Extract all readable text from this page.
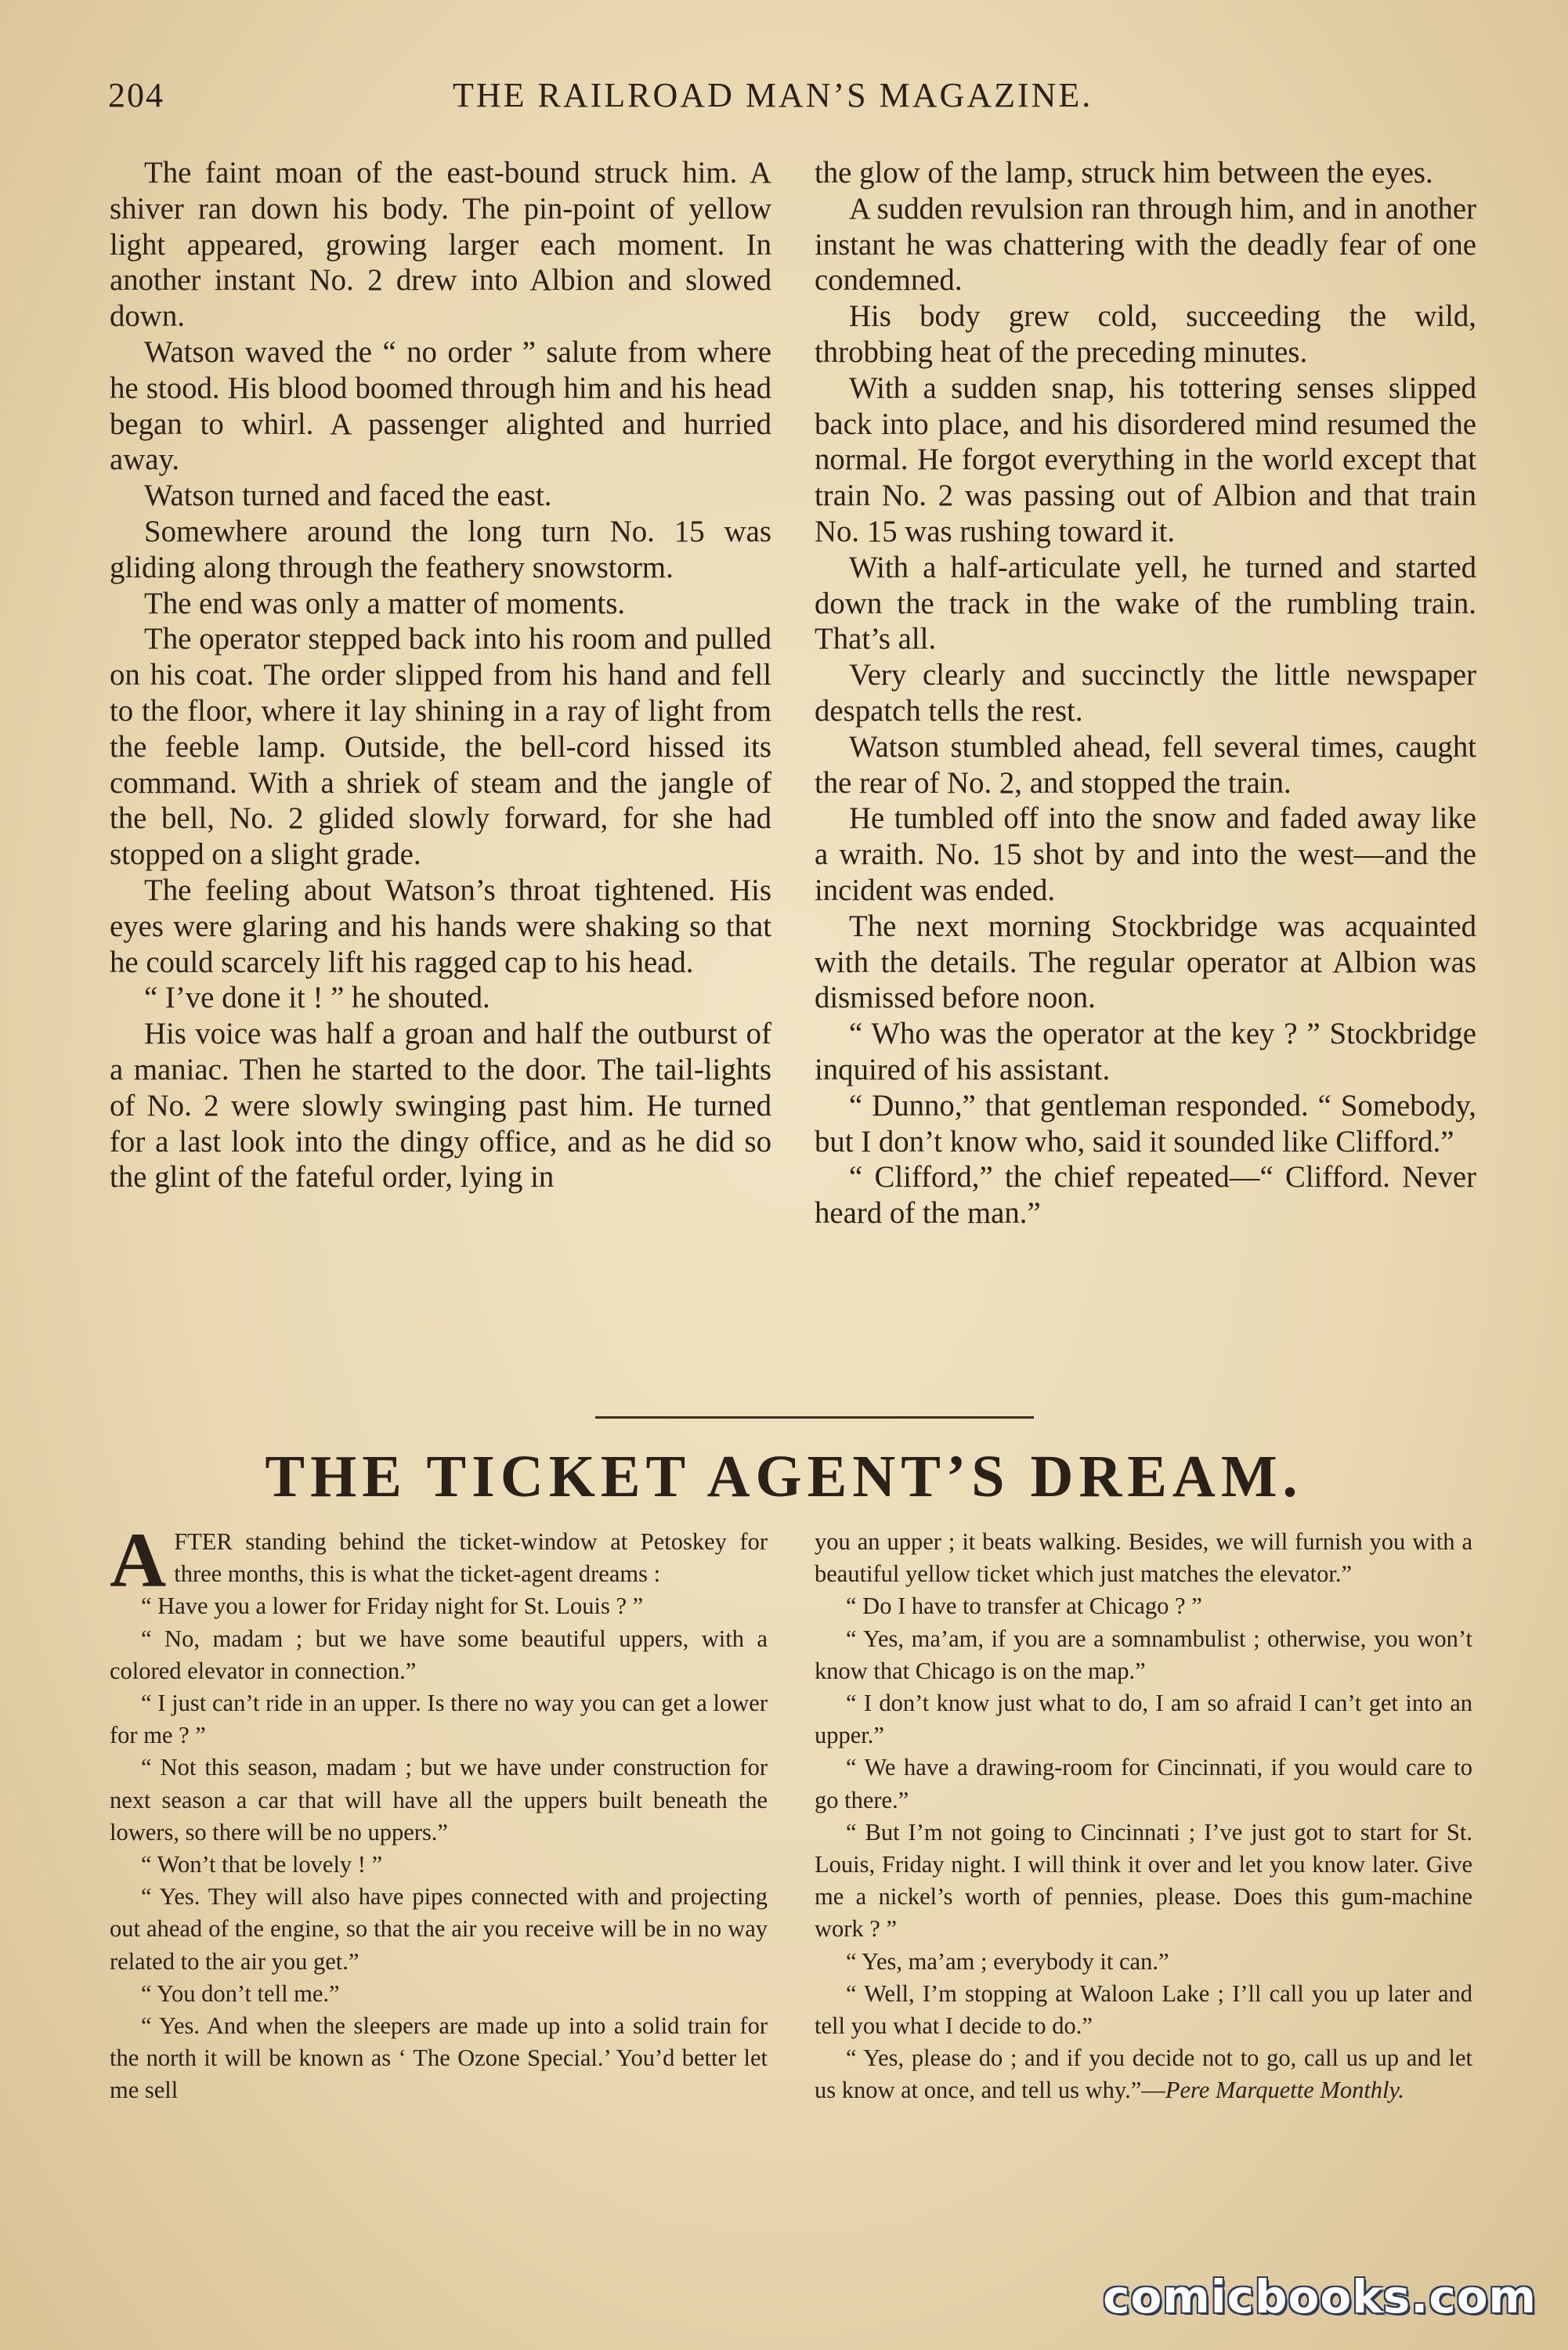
204	THE RAILROAD MAN’S MAGAZINE.

The faint moan of the east-bound struck him. A shiver ran down his body. The pin-point of yellow light appeared, growing larger each moment. In another instant No. 2 drew into Albion and slowed down.

Watson waved the “ no order ” salute from where he stood. His blood boomed through him and his head began to whirl. A passenger alighted and hurried away.

Watson turned and faced the east.

Somewhere around the long turn No. 15 was gliding along through the feathery snowstorm.

The end was only a matter of moments.

The operator stepped back into his room and pulled on his coat. The order slipped from his hand and fell to the floor, where it lay shining in a ray of light from the feeble lamp. Outside, the bell-cord hissed its command. With a shriek of steam and the jangle of the bell, No. 2 glided slowly forward, for she had stopped on a slight grade.

The feeling about Watson’s throat tightened. His eyes were glaring and his hands were shaking so that he could scarcely lift his ragged cap to his head.

“ I’ve done it ! ” he shouted.

His voice was half a groan and half the outburst of a maniac. Then he started to the door. The tail-lights of No. 2 were slowly swinging past him. He turned for a last look into the dingy office, and as he did so the glint of the fateful order, lying in

the glow of the lamp, struck him between the eyes.

A sudden revulsion ran through him, and in another instant he was chattering with the deadly fear of one condemned.

His body grew cold, succeeding the wild, throbbing heat of the preceding minutes.

With a sudden snap, his tottering senses slipped back into place, and his disordered mind resumed the normal. He forgot everything in the world except that train No. 2 was passing out of Albion and that train No. 15 was rushing toward it.

With a half-articulate yell, he turned and started down the track in the wake of the rumbling train. That’s all.

Very clearly and succinctly the little newspaper despatch tells the rest.

Watson stumbled ahead, fell several times, caught the rear of No. 2, and stopped the train.

He tumbled off into the snow and faded away like a wraith. No. 15 shot by and into the west—and the incident was ended.

The next morning Stockbridge was acquainted with the details. The regular operator at Albion was dismissed before noon.

“ Who was the operator at the key ? ” Stockbridge inquired of his assistant.

“ Dunno,” that gentleman responded. “ Somebody, but I don’t know who, said it sounded like Clifford.”

“ Clifford,” the chief repeated—“ Clifford. Never heard of the man.”

THE TICKET AGENT’S DREAM.

AFTER standing behind the ticket-window at Petoskey for three months, this is what the ticket-agent dreams :

“ Have you a lower for Friday night for St. Louis ? ”

“ No, madam ; but we have some beautiful uppers, with a colored elevator in connection.”

“ I just can’t ride in an upper. Is there no way you can get a lower for me ? ”

“ Not this season, madam ; but we have under construction for next season a car that will have all the uppers built beneath the lowers, so there will be no uppers.”

“ Won’t that be lovely ! ”

“ Yes. They will also have pipes connected with and projecting out ahead of the engine, so that the air you receive will be in no way related to the air you get.”

“ You don’t tell me.”

“ Yes. And when the sleepers are made up into a solid train for the north it will be known as ‘ The Ozone Special.’ You’d better let me sell

you an upper ; it beats walking. Besides, we will furnish you with a beautiful yellow ticket which just matches the elevator.”

“ Do I have to transfer at Chicago ? ”

“ Yes, ma’am, if you are a somnambulist ; otherwise, you won’t know that Chicago is on the map.”

“ I don’t know just what to do, I am so afraid I can’t get into an upper.”

“ We have a drawing-room for Cincinnati, if you would care to go there.”

“ But I’m not going to Cincinnati ; I’ve just got to start for St. Louis, Friday night. I will think it over and let you know later. Give me a nickel’s worth of pennies, please. Does this gum-machine work ? ”

“ Yes, ma’am ; everybody it can.”

“ Well, I’m stopping at Waloon Lake ; I’ll call you up later and tell you what I decide to do.”

“ Yes, please do ; and if you decide not to go, call us up and let us know at once, and tell us why.”—Pere Marquette Monthly.

comicbooks.com
